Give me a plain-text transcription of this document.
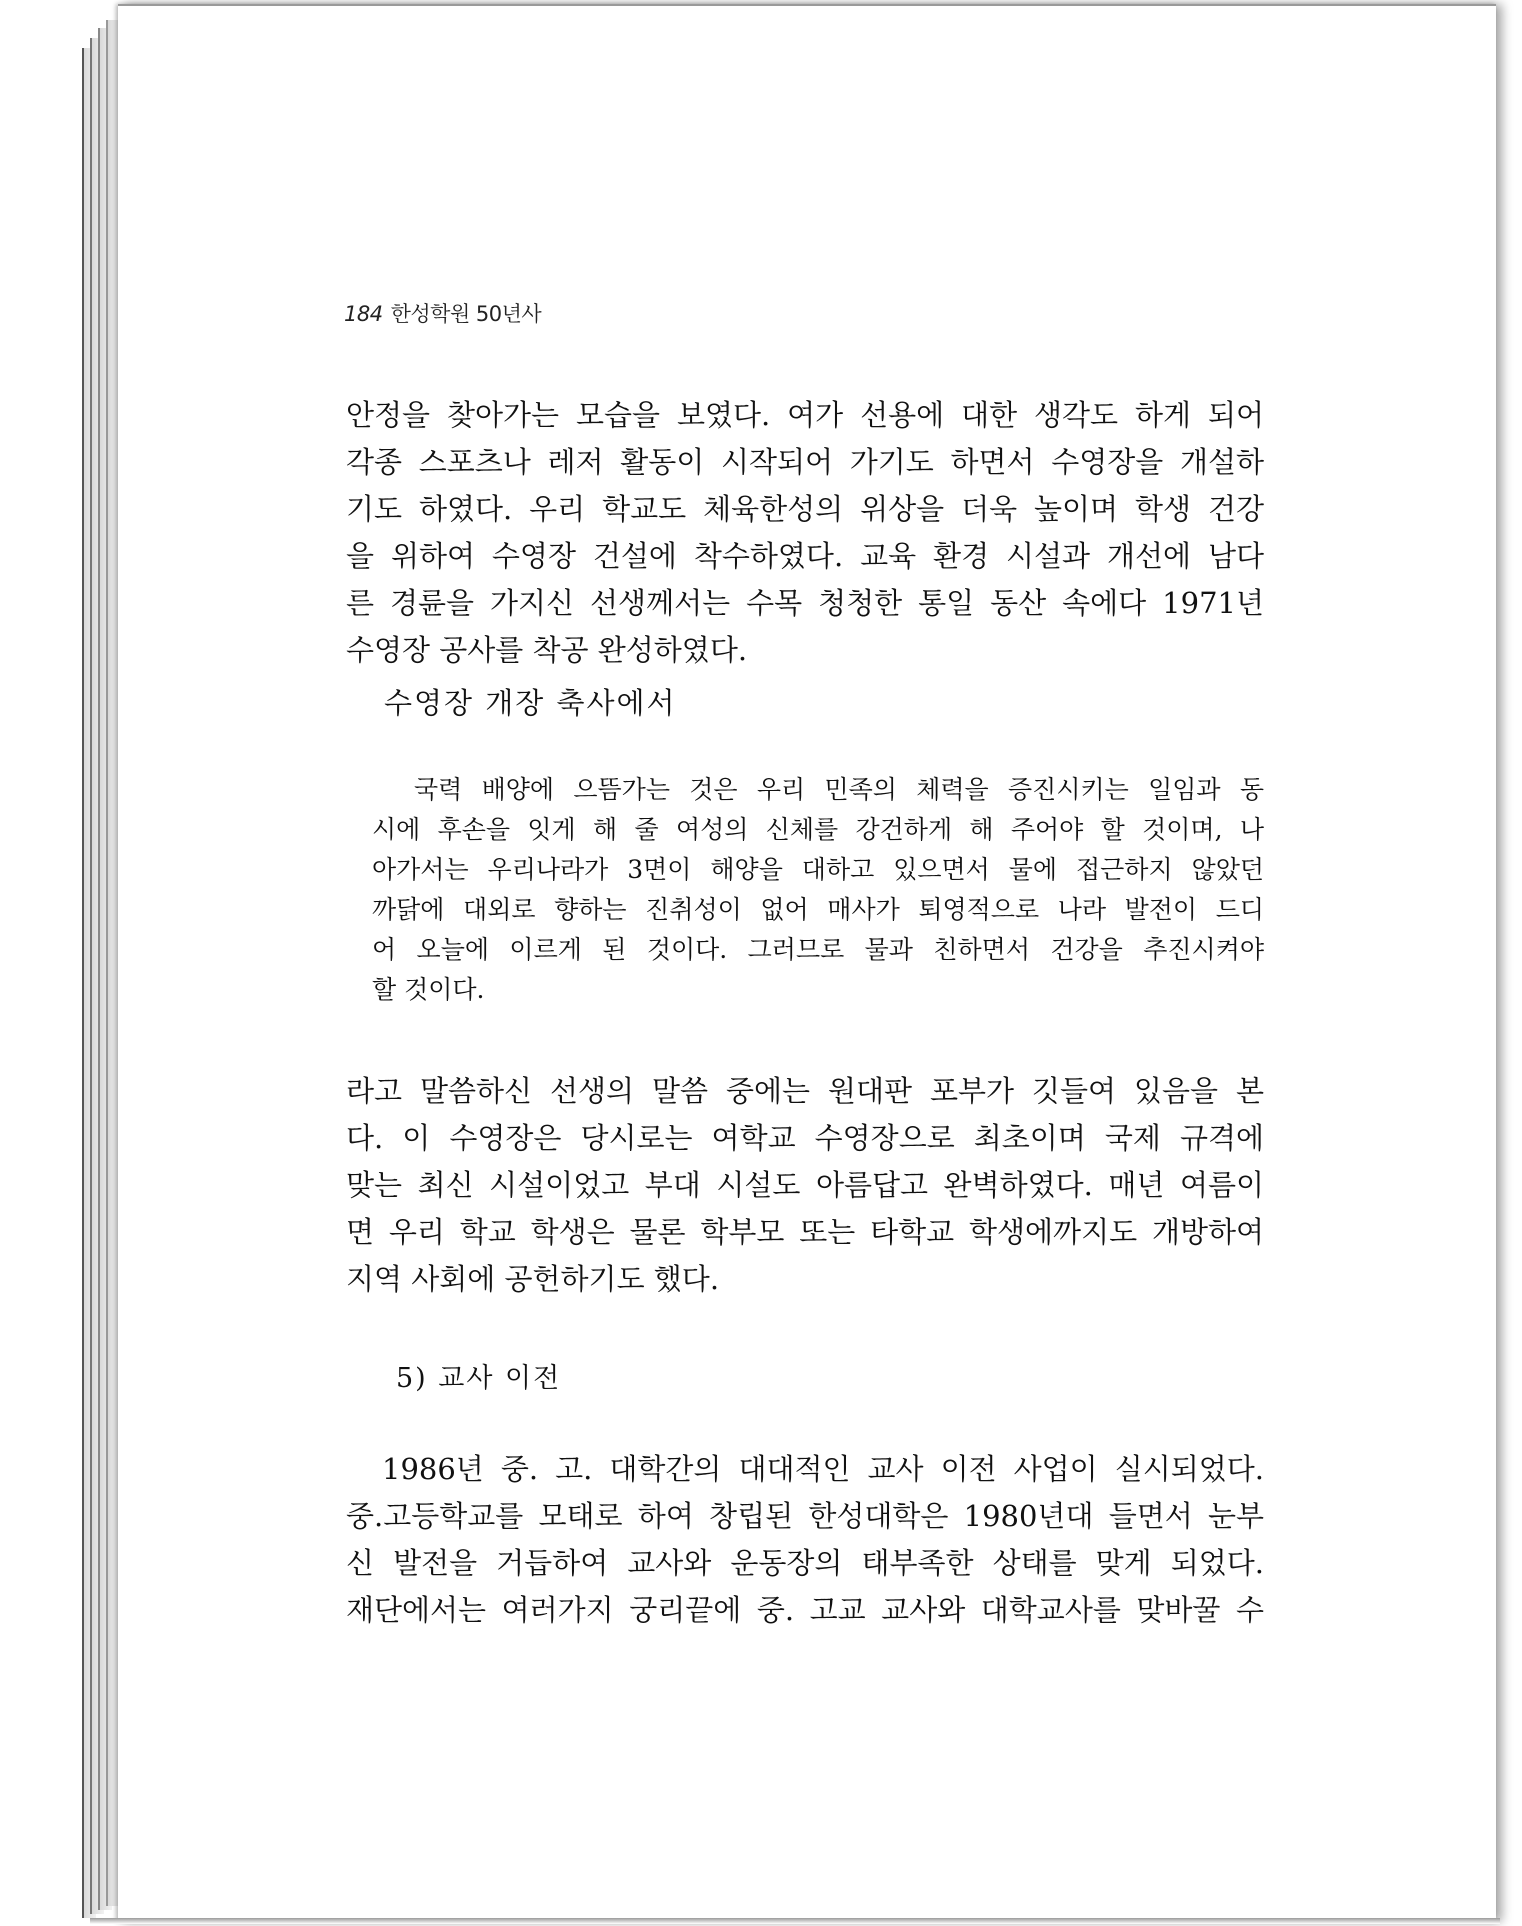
184 한성학원 50년사
안정을 찾아가는 모습을 보였다. 여가 선용에 대한 생각도 하게 되어
각종 스포츠나 레저 활동이 시작되어 가기도 하면서 수영장을 개설하
기도 하였다. 우리 학교도 체육한성의 위상을 더욱 높이며 학생 건강
을 위하여 수영장 건설에 착수하였다. 교육 환경 시설과 개선에 남다
른 경륜을 가지신 선생께서는 수목 청청한 통일 동산 속에다 1971년
수영장 공사를 착공 완성하였다.
수영장 개장 축사에서
국력 배양에 으뜸가는 것은 우리 민족의 체력을 증진시키는 일임과 동
시에 후손을 잇게 해 줄 여성의 신체를 강건하게 해 주어야 할 것이며, 나
아가서는 우리나라가 3면이 해양을 대하고 있으면서 물에 접근하지 않았던
까닭에 대외로 향하는 진취성이 없어 매사가 퇴영적으로 나라 발전이 드디
어 오늘에 이르게 된 것이다. 그러므로 물과 친하면서 건강을 추진시켜야
할 것이다.
라고 말씀하신 선생의 말씀 중에는 원대판 포부가 깃들여 있음을 본
다. 이 수영장은 당시로는 여학교 수영장으로 최초이며 국제 규격에
맞는 최신 시설이었고 부대 시설도 아름답고 완벽하였다. 매년 여름이
면 우리 학교 학생은 물론 학부모 또는 타학교 학생에까지도 개방하여
지역 사회에 공헌하기도 했다.
5) 교사 이전
1986년 중. 고. 대학간의 대대적인 교사 이전 사업이 실시되었다.
중.고등학교를 모태로 하여 창립된 한성대학은 1980년대 들면서 눈부
신 발전을 거듭하여 교사와 운동장의 태부족한 상태를 맞게 되었다.
재단에서는 여러가지 궁리끝에 중. 고교 교사와 대학교사를 맞바꿀 수
